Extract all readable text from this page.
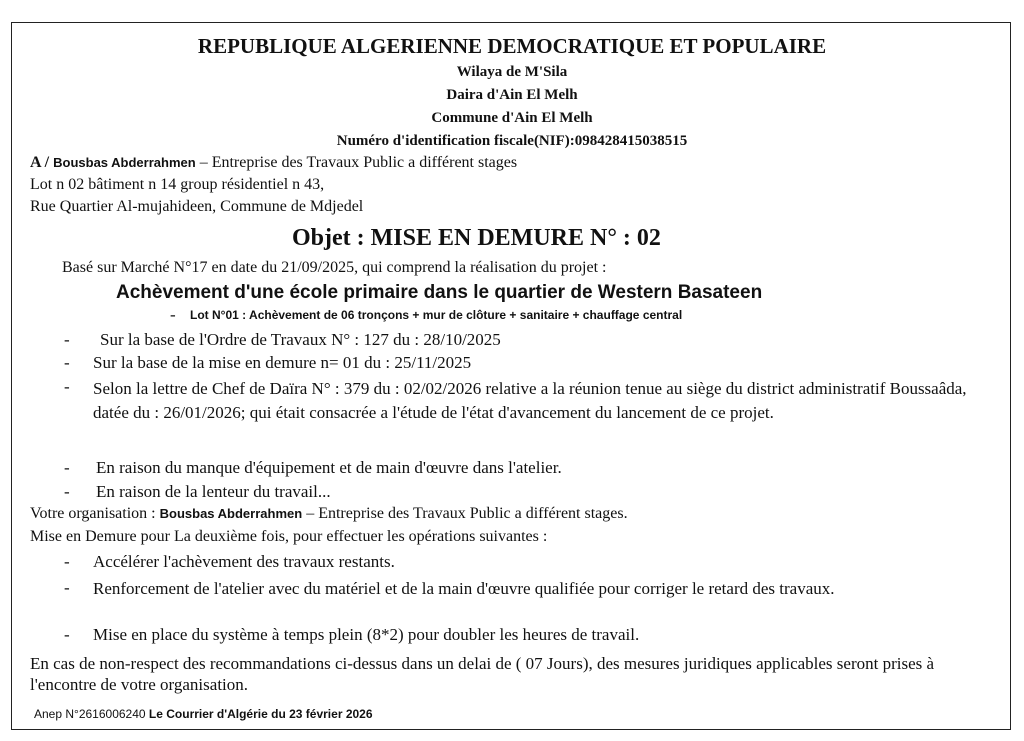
REPUBLIQUE ALGERIENNE DEMOCRATIQUE ET POPULAIRE
Wilaya de M'Sila
Daira d'Ain El Melh
Commune d'Ain El Melh
Numéro d'identification fiscale(NIF):098428415038515
A / Bousbas Abderrahmen – Entreprise des Travaux Public a différent stages
Lot n 02 bâtiment n 14 group résidentiel n 43,
Rue Quartier Al-mujahideen, Commune de Mdjedel
Objet : MISE EN DEMURE N° : 02
Basé sur Marché N°17 en date du 21/09/2025, qui comprend la réalisation du projet :
Achèvement d'une école primaire dans le quartier de Western Basateen
- Lot N°01 : Achèvement de 06 tronçons + mur de clôture + sanitaire + chauffage central
- Sur la base de l'Ordre de Travaux N° : 127 du : 28/10/2025
- Sur la base de la mise en demure n= 01 du : 25/11/2025
- Selon la lettre de Chef de Daïra N° : 379 du : 02/02/2026 relative a la réunion tenue au siège du district administratif Boussaâda, datée du : 26/01/2026; qui était consacrée a l'étude de l'état d'avancement du lancement de ce projet.
- En raison du manque d'équipement et de main d'œuvre dans l'atelier.
- En raison de la lenteur du travail...
Votre organisation : Bousbas Abderrahmen – Entreprise des Travaux Public a différent stages.
Mise en Demure pour La deuxième fois, pour effectuer les opérations suivantes :
- Accélérer l'achèvement des travaux restants.
- Renforcement de l'atelier avec du matériel et de la main d'œuvre qualifiée pour corriger le retard des travaux.
- Mise en place du système à temps plein (8*2) pour doubler les heures de travail.
En cas de non-respect des recommandations ci-dessus dans un delai de ( 07 Jours), des mesures juridiques applicables seront prises à l'encontre de votre organisation.
Anep N°2616006240 Le Courrier d'Algérie du 23 février 2026
